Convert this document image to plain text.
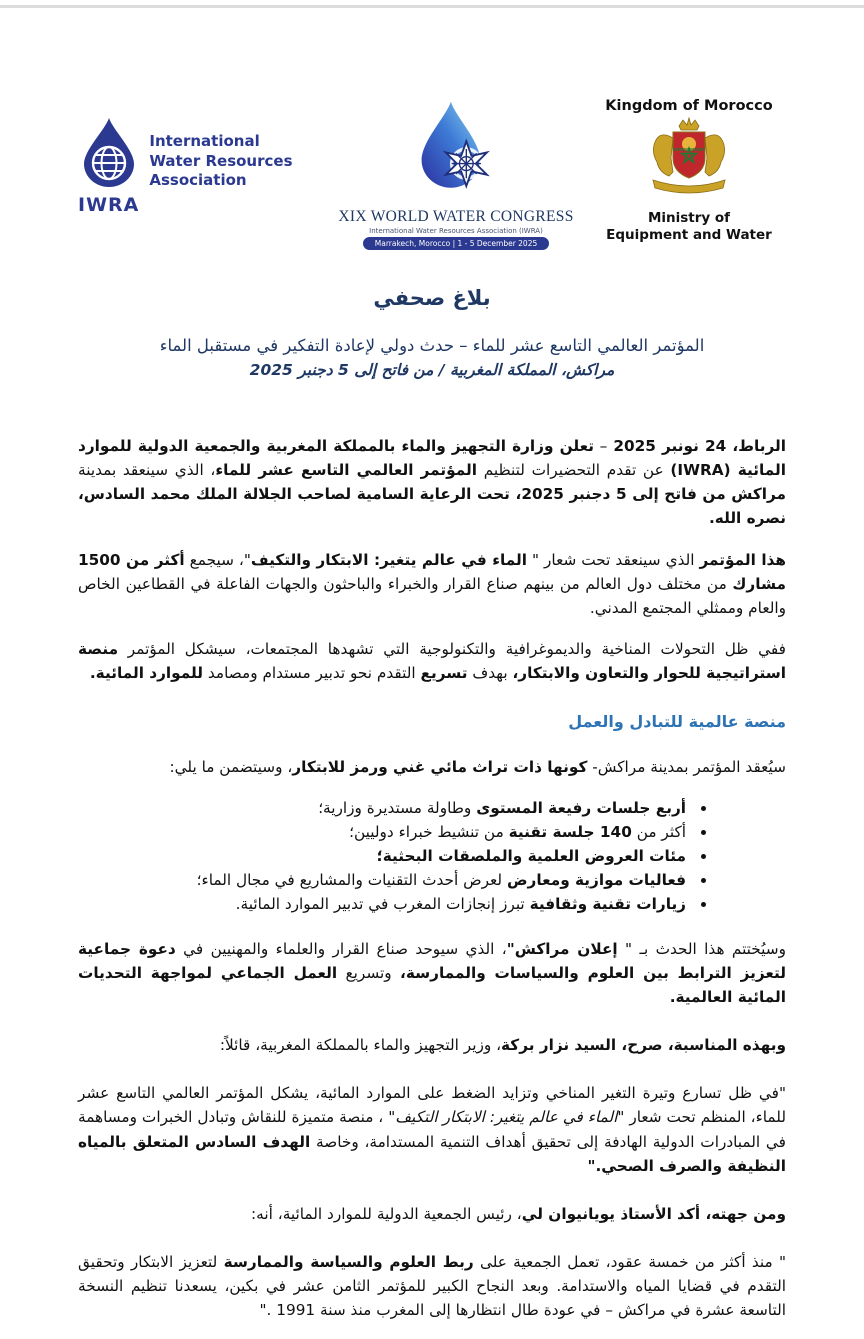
IWRA
International
Water Resources
Association
XIX WORLD WATER CONGRESS
International Water Resources Association (IWRA)
Marrakech, Morocco | 1 - 5 December 2025
Kingdom of Morocco
Ministry of
Equipment and Water
بلاغ صحفي
المؤتمر العالمي التاسع عشر للماء – حدث دولي لإعادة التفكير في مستقبل الماء
مراكش، المملكة المغربية / من فاتح إلى 5 دجنبر 2025

الرباط، 24 نونبر 2025 – تعلن وزارة التجهيز والماء بالمملكة المغربية والجمعية الدولية للموارد المائية (IWRA) عن تقدم التحضيرات لتنظيم المؤتمر العالمي التاسع عشر للماء، الذي سينعقد بمدينة مراكش من فاتح إلى 5 دجنبر 2025، تحت الرعاية السامية لصاحب الجلالة الملك محمد السادس، نصره الله.

هذا المؤتمر الذي سينعقد تحت شعار " الماء في عالم يتغير: الابتكار والتكيف"، سيجمع أكثر من 1500 مشارك من مختلف دول العالم من بينهم صناع القرار والخبراء والباحثون والجهات الفاعلة في القطاعين الخاص والعام وممثلي المجتمع المدني.

ففي ظل التحولات المناخية والديموغرافية والتكنولوجية التي تشهدها المجتمعات، سيشكل المؤتمر منصة استراتيجية للحوار والتعاون والابتكار، بهدف تسريع التقدم نحو تدبير مستدام ومصامد للموارد المائية.

منصة عالمية للتبادل والعمل

سيُعقد المؤتمر بمدينة مراكش- كونها ذات تراث مائي غني ورمز للابتكار، وسيتضمن ما يلي:

• أربع جلسات رفيعة المستوى وطاولة مستديرة وزارية؛
• أكثر من 140 جلسة تقنية من تنشيط خبراء دوليين؛
• مئات العروض العلمية والملصقات البحثية؛
• فعاليات موازية ومعارض لعرض أحدث التقنيات والمشاريع في مجال الماء؛
• زيارات تقنية وثقافية تبرز إنجازات المغرب في تدبير الموارد المائية.

وسيُختتم هذا الحدث بـ " إعلان مراكش"، الذي سيوحد صناع القرار والعلماء والمهنيين في دعوة جماعية لتعزيز الترابط بين العلوم والسياسات والممارسة، وتسريع العمل الجماعي لمواجهة التحديات المائية العالمية.

وبهذه المناسبة، صرح، السيد نزار بركة، وزير التجهيز والماء بالمملكة المغربية، قائلاً:

"في ظل تسارع وتيرة التغير المناخي وتزايد الضغط على الموارد المائية، يشكل المؤتمر العالمي التاسع عشر للماء، المنظم تحت شعار "الماء في عالم يتغير: الابتكار التكيف" ، منصة متميزة للنقاش وتبادل الخبرات ومساهمة في المبادرات الدولية الهادفة إلى تحقيق أهداف التنمية المستدامة، وخاصة الهدف السادس المتعلق بالمياه النظيفة والصرف الصحي."

ومن جهته، أكد الأستاذ يويانيوان لي، رئيس الجمعية الدولية للموارد المائية، أنه:

" منذ أكثر من خمسة عقود، تعمل الجمعية على ربط العلوم والسياسة والممارسة لتعزيز الابتكار وتحقيق التقدم في قضايا المياه والاستدامة. وبعد النجاح الكبير للمؤتمر الثامن عشر في بكين، يسعدنا تنظيم النسخة التاسعة عشرة في مراكش – في عودة طال انتظارها إلى المغرب منذ سنة 1991 ."
